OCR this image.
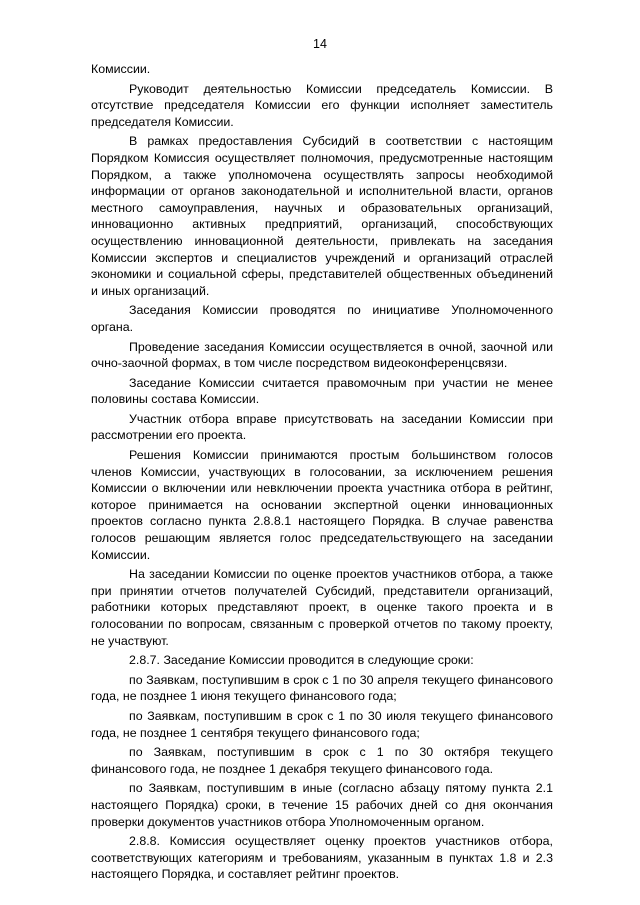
14

Комиссии.

Руководит деятельностью Комиссии председатель Комиссии. В отсутствие председателя Комиссии его функции исполняет заместитель председателя Комиссии.

В рамках предоставления Субсидий в соответствии с настоящим Порядком Комиссия осуществляет полномочия, предусмотренные настоящим Порядком, а также уполномочена осуществлять запросы необходимой информации от органов законодательной и исполнительной власти, органов местного самоуправления, научных и образовательных организаций, инновационно активных предприятий, организаций, способствующих осуществлению инновационной деятельности, привлекать на заседания Комиссии экспертов и специалистов учреждений и организаций отраслей экономики и социальной сферы, представителей общественных объединений и иных организаций.

Заседания Комиссии проводятся по инициативе Уполномоченного органа.

Проведение заседания Комиссии осуществляется в очной, заочной или очно-заочной формах, в том числе посредством видеоконференцсвязи.

Заседание Комиссии считается правомочным при участии не менее половины состава Комиссии.

Участник отбора вправе присутствовать на заседании Комиссии при рассмотрении его проекта.

Решения Комиссии принимаются простым большинством голосов членов Комиссии, участвующих в голосовании, за исключением решения Комиссии о включении или невключении проекта участника отбора в рейтинг, которое принимается на основании экспертной оценки инновационных проектов согласно пункта 2.8.8.1 настоящего Порядка. В случае равенства голосов решающим является голос председательствующего на заседании Комиссии.

На заседании Комиссии по оценке проектов участников отбора, а также при принятии отчетов получателей Субсидий, представители организаций, работники которых представляют проект, в оценке такого проекта и в голосовании по вопросам, связанным с проверкой отчетов по такому проекту, не участвуют.

2.8.7. Заседание Комиссии проводится в следующие сроки:

по Заявкам, поступившим в срок с 1 по 30 апреля текущего финансового года, не позднее 1 июня текущего финансового года;

по Заявкам, поступившим в срок с 1 по 30 июля текущего финансового года, не позднее 1 сентября текущего финансового года;

по Заявкам, поступившим в срок с 1 по 30 октября текущего финансового года, не позднее 1 декабря текущего финансового года.

по Заявкам, поступившим в иные (согласно абзацу пятому пункта 2.1 настоящего Порядка) сроки, в течение 15 рабочих дней со дня окончания проверки документов участников отбора Уполномоченным органом.

2.8.8. Комиссия осуществляет оценку проектов участников отбора, соответствующих категориям и требованиям, указанным в пунктах 1.8 и 2.3 настоящего Порядка, и составляет рейтинг проектов.
